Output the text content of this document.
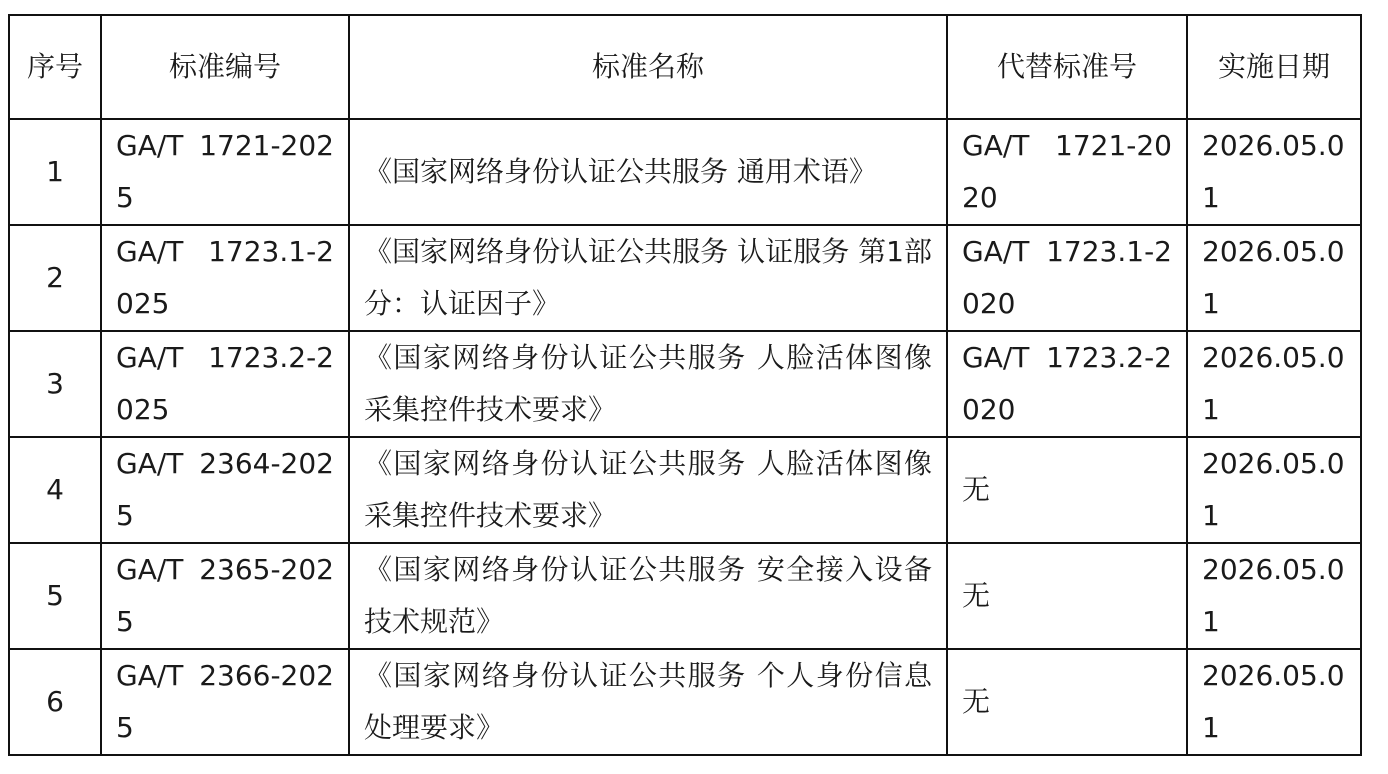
序号	标准编号	标准名称	代替标准号	实施日期
1	GA/T 1721-2025	《国家网络身份认证公共服务 通用术语》	GA/T 1721-2020	2026.05.01
2	GA/T 1723.1-2025	《国家网络身份认证公共服务 认证服务 第1部分：认证因子》	GA/T 1723.1-2020	2026.05.01
3	GA/T 1723.2-2025	《国家网络身份认证公共服务 人脸活体图像采集控件技术要求》	GA/T 1723.2-2020	2026.05.01
4	GA/T 2364-2025	《国家网络身份认证公共服务 人脸活体图像采集控件技术要求》	无	2026.05.01
5	GA/T 2365-2025	《国家网络身份认证公共服务 安全接入设备技术规范》	无	2026.05.01
6	GA/T 2366-2025	《国家网络身份认证公共服务 个人身份信息处理要求》	无	2026.05.01
